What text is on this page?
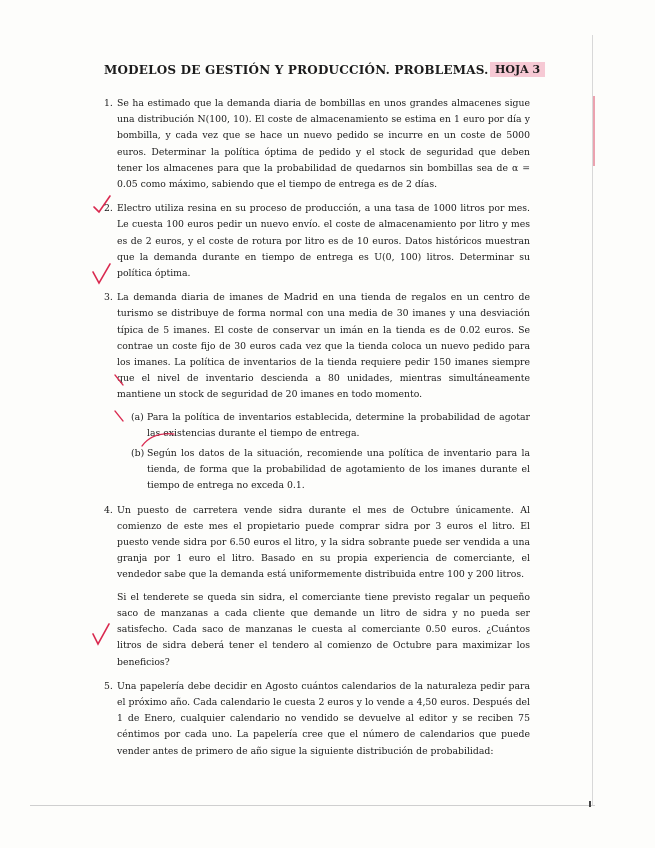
MODELOS DE GESTIÓN Y PRODUCCIÓN. PROBLEMAS. HOJA 3
1. Se ha estimado que la demanda diaria de bombillas en unos grandes almacenes sigue una distribución N(100, 10). El coste de almacenamiento se estima en 1 euro por día y bombilla, y cada vez que se hace un nuevo pedido se incurre en un coste de 5000 euros. Determinar la política óptima de pedido y el stock de seguridad que deben tener los almacenes para que la probabilidad de quedarnos sin bombillas sea de α = 0.05 como máximo, sabiendo que el tiempo de entrega es de 2 días.

2. Electro utiliza resina en su proceso de producción, a una tasa de 1000 litros por mes. Le cuesta 100 euros pedir un nuevo envío. el coste de almacenamiento por litro y mes es de 2 euros, y el coste de rotura por litro es de 10 euros. Datos históricos muestran que la demanda durante en tiempo de entrega es U(0, 100) litros. Determinar su política óptima.

3. La demanda diaria de imanes de Madrid en una tienda de regalos en un centro de turismo se distribuye de forma normal con una media de 30 imanes y una desviación típica de 5 imanes. El coste de conservar un imán en la tienda es de 0.02 euros. Se contrae un coste fijo de 30 euros cada vez que la tienda coloca un nuevo pedido para los imanes. La política de inventarios de la tienda requiere pedir 150 imanes siempre que el nivel de inventario descienda a 80 unidades, mientras simultáneamente mantiene un stock de seguridad de 20 imanes en todo momento.

(a) Para la política de inventarios establecida, determine la probabilidad de agotar las existencias durante el tiempo de entrega.
(b) Según los datos de la situación, recomiende una política de inventario para la tienda, de forma que la probabilidad de agotamiento de los imanes durante el tiempo de entrega no exceda 0.1.
4. Un puesto de carretera vende sidra durante el mes de Octubre únicamente. Al comienzo de este mes el propietario puede comprar sidra por 3 euros el litro. El puesto vende sidra por 6.50 euros el litro, y la sidra sobrante puede ser vendida a una granja por 1 euro el litro. Basado en su propia experiencia de comerciante, el vendedor sabe que la demanda está uniformemente distribuida entre 100 y 200 litros.

Si el tenderete se queda sin sidra, el comerciante tiene previsto regalar un pequeño saco de manzanas a cada cliente que demande un litro de sidra y no pueda ser satisfecho. Cada saco de manzanas le cuesta al comerciante 0.50 euros. ¿Cuántos litros de sidra deberá tener el tendero al comienzo de Octubre para maximizar los beneficios?

5. Una papelería debe decidir en Agosto cuántos calendarios de la naturaleza pedir para el próximo año. Cada calendario le cuesta 2 euros y lo vende a 4,50 euros. Después del 1 de Enero, cualquier calendario no vendido se devuelve al editor y se reciben 75 céntimos por cada uno. La papelería cree que el número de calendarios que puede vender antes de primero de año sigue la siguiente distribución de probabilidad:
